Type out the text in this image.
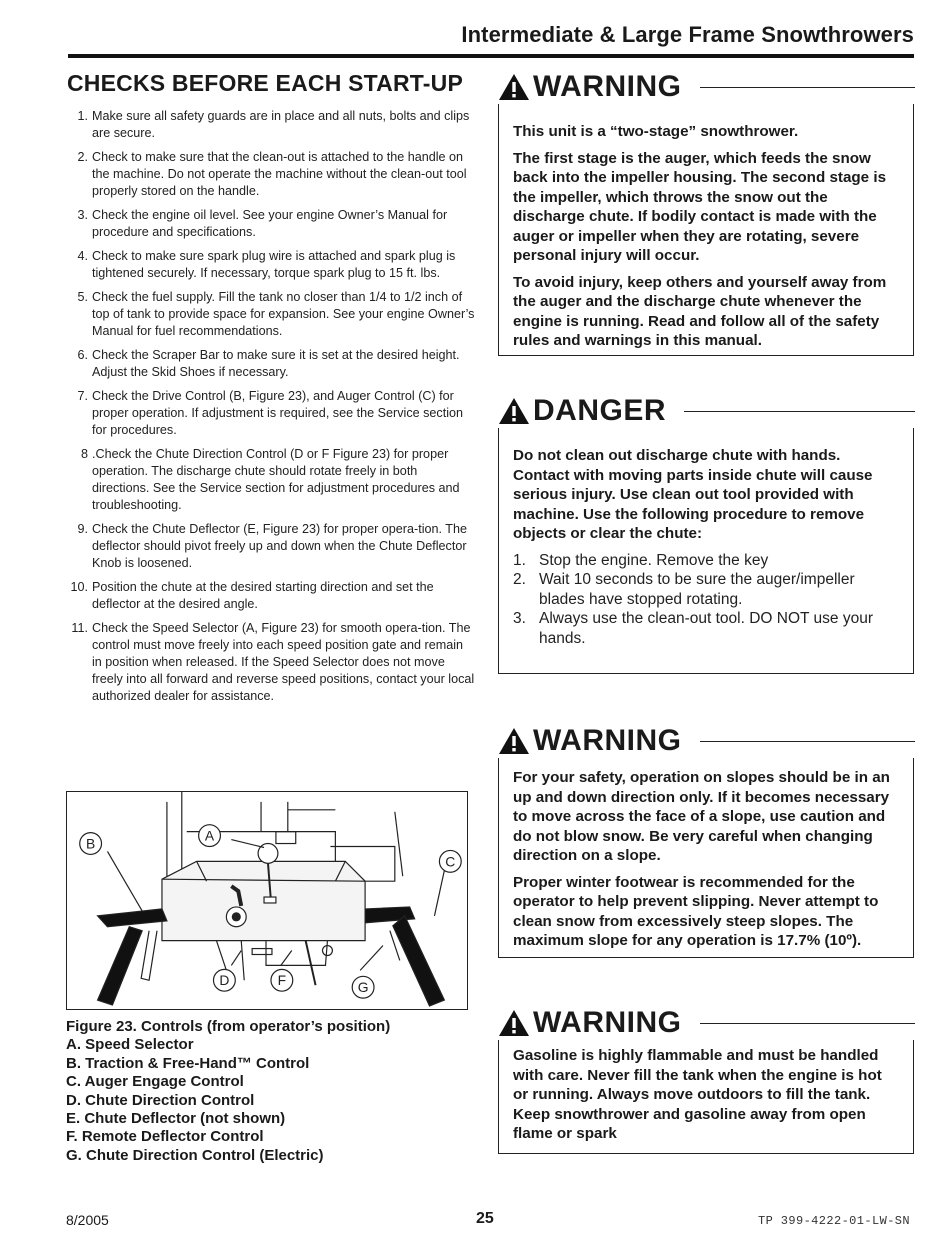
Intermediate & Large Frame Snowthrowers
CHECKS BEFORE EACH START-UP
1. Make sure all safety guards are in place and all nuts, bolts and clips are secure.
2. Check to make sure that the clean-out is attached to the handle on the machine. Do not operate the machine without the clean-out tool properly stored on the handle.
3. Check the engine oil level. See your engine Owner’s Manual for procedure and specifications.
4. Check to make sure spark plug wire is attached and spark plug is tightened securely. If necessary, torque spark plug to 15 ft. lbs.
5. Check the fuel supply. Fill the tank no closer than 1/4 to 1/2 inch of top of tank to provide space for expansion. See your engine Owner’s Manual for fuel recommendations.
6. Check the Scraper Bar to make sure it is set at the desired height. Adjust the Skid Shoes if necessary.
7. Check the Drive Control (B, Figure 23), and Auger Control (C) for proper operation. If adjustment is required, see the Service section for procedures.
8 .Check the Chute Direction Control (D or F Figure 23) for proper operation. The discharge chute should rotate freely in both directions. See the Service section for adjustment procedures and troubleshooting.
9. Check the Chute Deflector (E, Figure 23) for proper opera-tion. The deflector should pivot freely up and down when the Chute Deflector Knob is loosened.
10. Position the chute at the desired starting direction and set the deflector at the desired angle.
11. Check the Speed Selector (A, Figure 23) for smooth opera-tion. The control must move freely into each speed position gate and remain in position when released. If the Speed Selector does not move freely into all forward and reverse speed positions, contact your local authorized dealer for assistance.
B	A
C
D	F	G
Figure 23. Controls (from operator’s position)
A. Speed Selector
B. Traction & Free-Hand™ Control
C. Auger Engage Control
D. Chute Direction Control
E. Chute Deflector (not shown)
F. Remote Deflector Control
G. Chute Direction Control (Electric)
WARNING

This unit is a “two-stage” snowthrower.

The first stage is the auger, which feeds the snow back into the impeller housing. The second stage is the impeller, which throws the snow out the discharge chute. If bodily contact is made with the auger or impeller when they are rotating, severe personal injury will occur.

To avoid injury, keep others and yourself away from the auger and the discharge chute whenever the engine is running. Read and follow all of the safety rules and warnings in this manual.

DANGER

Do not clean out discharge chute with hands. Contact with moving parts inside chute will cause serious injury. Use clean out tool provided with machine. Use the following procedure to remove objects or clear the chute:

1. Stop the engine. Remove the key
2. Wait 10 seconds to be sure the auger/impeller blades have stopped rotating.
3. Always use the clean-out tool. DO NOT use your hands.
WARNING

For your safety, operation on slopes should be in an up and down direction only. If it becomes necessary to move across the face of a slope, use caution and do not blow snow. Be very careful when changing direction on a slope.

Proper winter footwear is recommended for the operator to help prevent slipping. Never attempt to clean snow from excessively steep slopes. The maximum slope for any operation is 17.7% (10º).

WARNING

Gasoline is highly flammable and must be handled with care. Never fill the tank when the engine is hot or running. Always move outdoors to fill the tank. Keep snowthrower and gasoline away from open flame or spark

8/2005	25	TP 399-4222-01-LW-SN
